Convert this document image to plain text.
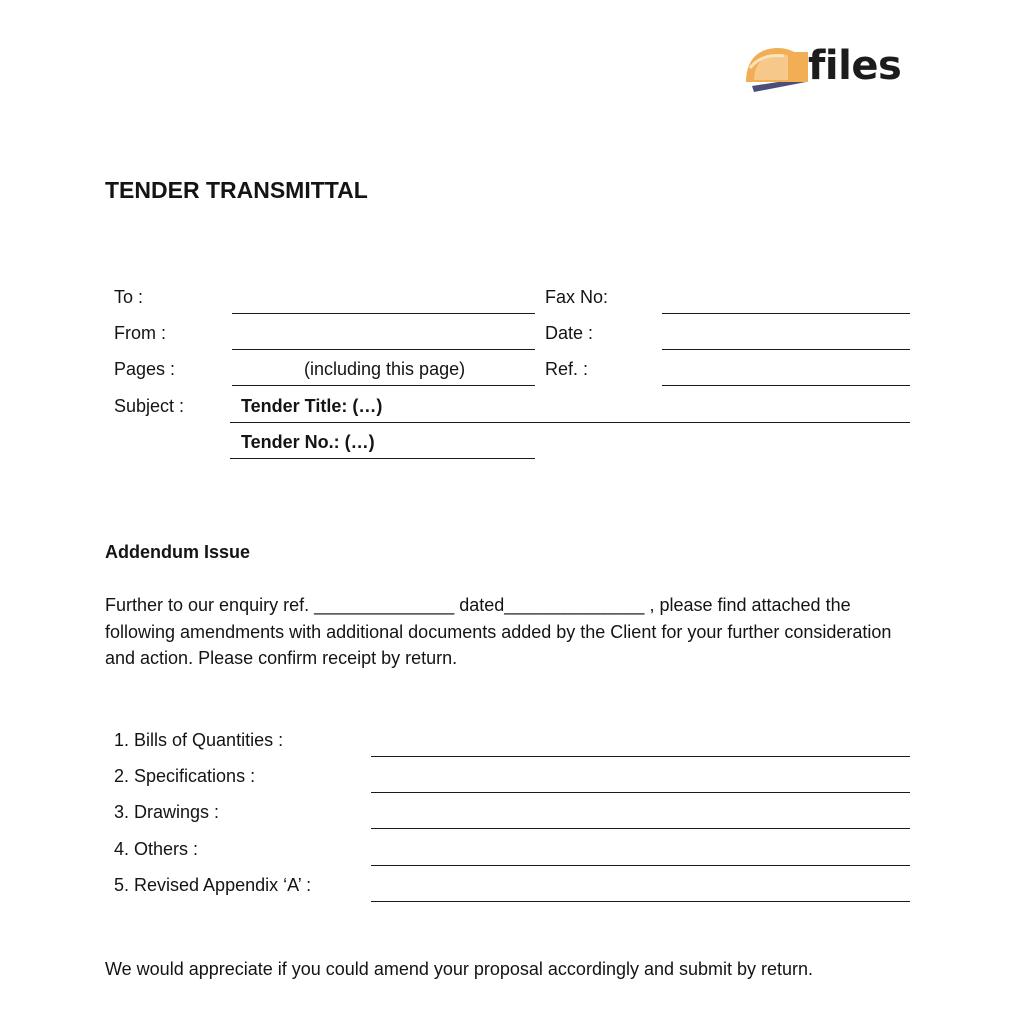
files
TENDER TRANSMITTAL
To :
From :
Pages :	(including this page)
Subject :	Tender Title: (…)
Tender No.: (…)
Fax No:
Date :
Ref. :
Addendum Issue
Further to our enquiry ref. ______________ dated______________ , please find attached the following amendments with additional documents added by the Client for your further consideration and action. Please confirm receipt by return.
1. Bills of Quantities :
2. Specifications :
3. Drawings :
4. Others :
5. Revised Appendix ‘A’ :
We would appreciate if you could amend your proposal accordingly and submit by return.
